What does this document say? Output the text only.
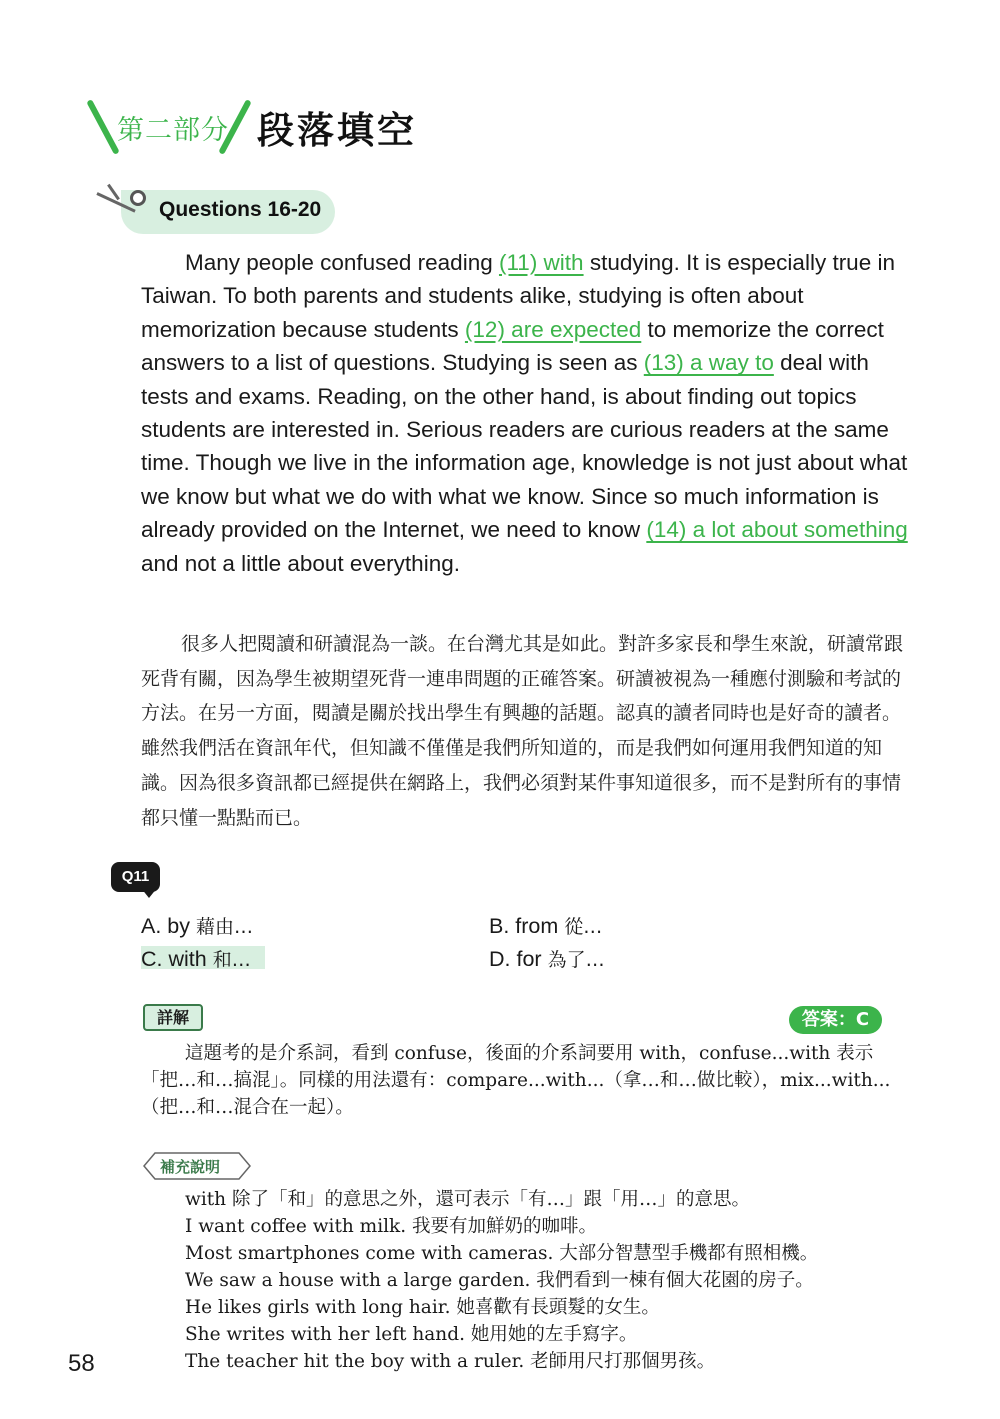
第二部分 段落填空
Questions 16-20

Many people confused reading (11) with studying. It is especially true in Taiwan. To both parents and students alike, studying is often about memorization because students (12) are expected to memorize the correct answers to a list of questions. Studying is seen as (13) a way to deal with tests and exams. Reading, on the other hand, is about finding out topics students are interested in. Serious readers are curious readers at the same time. Though we live in the information age, knowledge is not just about what we know but what we do with what we know. Since so much information is already provided on the Internet, we need to know (14) a lot about something and not a little about everything.

很多人把閱讀和研讀混為一談。在台灣尤其是如此。對許多家長和學生來說，研讀常跟死背有關，因為學生被期望死背一連串問題的正確答案。研讀被視為一種應付測驗和考試的方法。在另一方面，閱讀是關於找出學生有興趣的話題。認真的讀者同時也是好奇的讀者。雖然我們活在資訊年代，但知識不僅僅是我們所知道的，而是我們如何運用我們知道的知識。因為很多資訊都已經提供在網路上，我們必須對某件事知道很多，而不是對所有的事情都只懂一點點而已。

Q11
A. by 藉由…	B. from 從…
C. with 和…	D. for 為了…
詳解	答案：C

這題考的是介系詞，看到 confuse，後面的介系詞要用 with，confuse...with 表示「把…和…搞混」。同樣的用法還有：compare...with...（拿…和…做比較），mix...with...（把…和…混合在一起）。

補充說明
with 除了「和」的意思之外，還可表示「有…」跟「用…」的意思。
I want coffee with milk. 我要有加鮮奶的咖啡。
Most smartphones come with cameras. 大部分智慧型手機都有照相機。
We saw a house with a large garden. 我們看到一棟有個大花園的房子。
He likes girls with long hair. 她喜歡有長頭髮的女生。
She writes with her left hand. 她用她的左手寫字。
The teacher hit the boy with a ruler. 老師用尺打那個男孩。
58
